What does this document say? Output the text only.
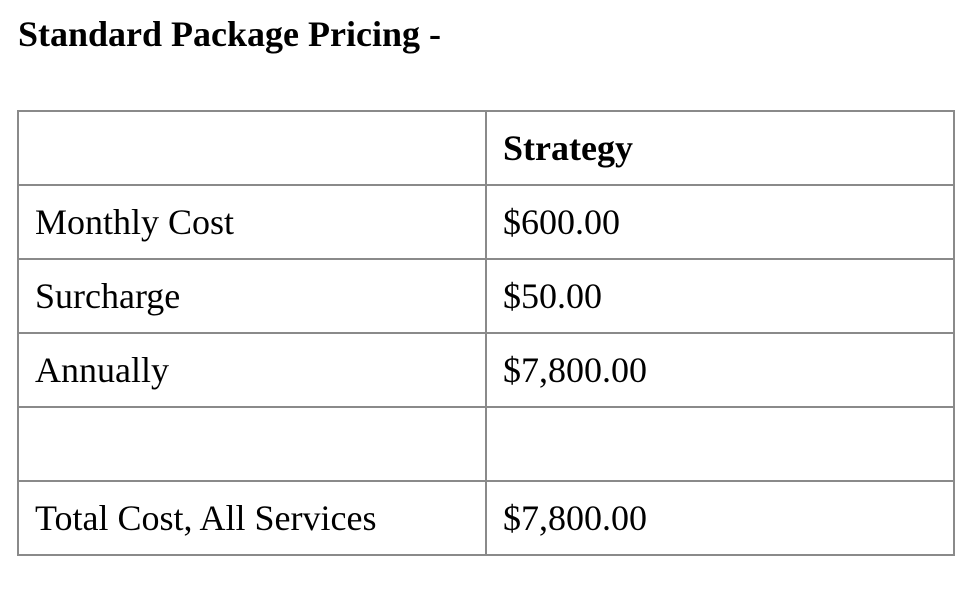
Standard Package Pricing -
	Strategy
Monthly Cost	$600.00
Surcharge	$50.00
Annually	$7,800.00

Total Cost, All Services	$7,800.00
